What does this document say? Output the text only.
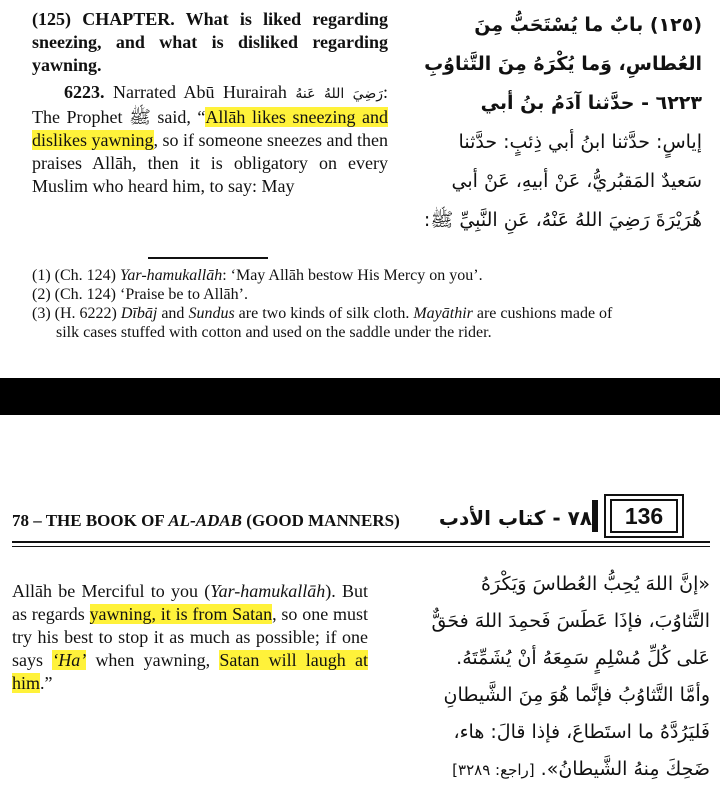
(125) CHAPTER. What is liked regarding sneezing, and what is disliked regarding yawning.
6223. Narrated Abū Hurairah رَضِيَ اللهُ عَنهُ: The Prophet ﷺ said, “Allāh likes sneezing and dislikes yawning, so if someone sneezes and then praises Allāh, then it is obligatory on every Muslim who heard him, to say: May
(١٢٥) بابٌ ما يُسْتَحَبُّ مِنَ العُطاسِ، وَما يُكْرَهُ مِنَ التَّثاوُبِ
٦٢٢٣ - حدَّثنا آدَمُ بنُ أبي
إياسٍ: حدَّثنا ابنُ أبي ذِئبٍ: حدَّثنا
سَعيدٌ المَقبُريُّ، عَنْ أبيهِ، عَنْ أبي
هُرَيْرَةَ رَضِيَ اللهُ عَنْهُ، عَنِ النَّبِيِّ ﷺ:
(1) (Ch. 124) Yar-hamukallāh: ‘May Allāh bestow His Mercy on you’.
(2) (Ch. 124) ‘Praise be to Allāh’.
(3) (H. 6222) Dībāj and Sundus are two kinds of silk cloth. Mayāthir are cushions made of
silk cases stuffed with cotton and used on the saddle under the rider.
78 – THE BOOK OF AL-ADAB (GOOD MANNERS)	٧٨ - كتاب الأدب	136
Allāh be Merciful to you (Yar-hamukallāh). But as regards yawning, it is from Satan, so one must try his best to stop it as much as possible; if one says ‘Ha’ when yawning, Satan will laugh at him.”
«إنَّ اللهَ يُحِبُّ العُطاسَ وَيَكْرَهُ
التَّثاوُبَ، فإذَا عَطَسَ فَحمِدَ اللهَ فحَقٌّ
عَلى كُلِّ مُسْلِمٍ سَمِعَهُ أنْ يُشَمِّتَهُ.
وأمَّا التَّثاوُبُ فإنَّما هُوَ مِنَ الشَّيطانِ
فَليَرُدَّهُ ما استَطاعَ، فإذا قالَ: هاء،
ضَحِكَ مِنهُ الشَّيطانُ». [راجع: ٣٢٨٩]
